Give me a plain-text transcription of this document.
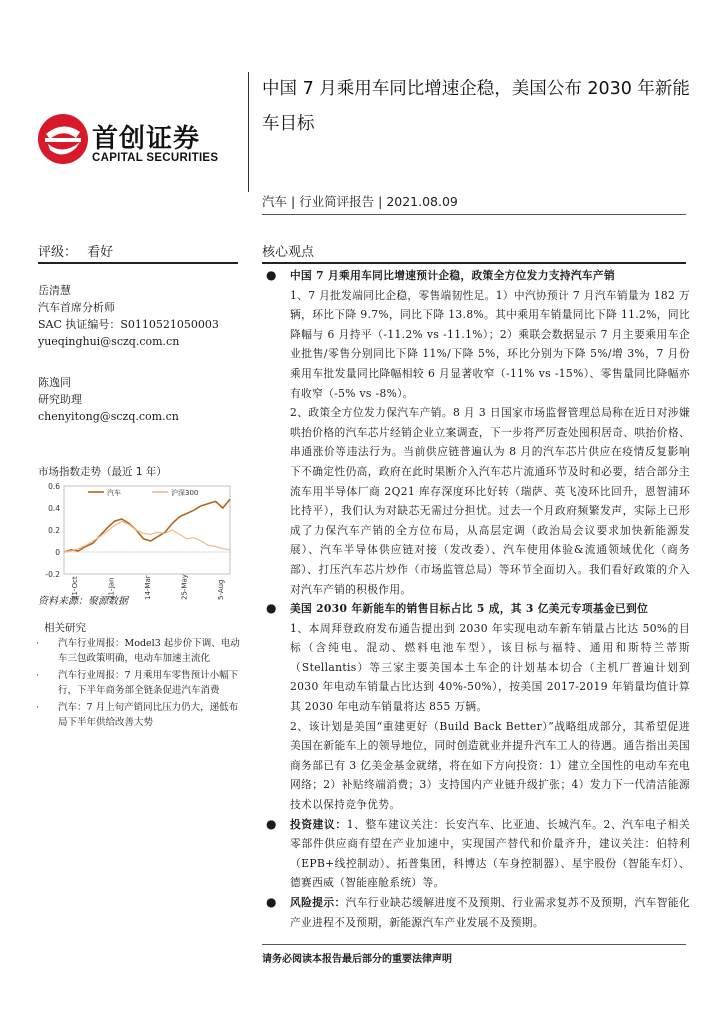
首创证券
CAPITAL SECURITIES
中国 7 月乘用车同比增速企稳，美国公布 2030 年新能车目标
汽车 | 行业简评报告 | 2021.08.09
评级： 看好
岳清慧
汽车首席分析师
SAC 执证编号：S0110521050003
yueqinghui@sczq.com.cn
陈逸同
研究助理
chenyitong@sczq.com.cn
市场指数走势（最近 1 年）
0.6
0.4
0.2
0
-0.2
21-Oct	21-Jan	14-Mar	25-May	5-Aug
汽车	沪深300
资料来源：聚源数据
相关研究
· 汽车行业周报：Model3 起步价下调、电动车三包政策明确，电动车加速主流化
· 汽车行业周报：7 月乘用车零售预计小幅下行，下半年商务部全链条促进汽车消费
· 汽车：7 月上旬产销同比压力仍大，递低布局下半年供给改善大势
核心观点
● 中国 7 月乘用车同比增速预计企稳，政策全方位发力支持汽车产销

1、7 月批发端同比企稳，零售端韧性足。1）中汽协预计 7 月汽车销量为 182 万辆，环比下降 9.7%，同比下降 13.8%。其中乘用车销量同比下降 11.2%，同比降幅与 6 月持平（-11.2% vs -11.1%）；2）乘联会数据显示 7 月主要乘用车企业批售/零售分别同比下降 11%/下降 5%，环比分别为下降 5%/增 3%，7 月份乘用车批发量同比降幅相较 6 月显著收窄（-11% vs -15%）、零售量同比降幅亦有收窄（-5% vs -8%）。

2、政策全方位发力保汽车产销。8 月 3 日国家市场监督管理总局称在近日对涉嫌哄抬价格的汽车芯片经销企业立案调查，下一步将严厉查处囤积居奇、哄抬价格、串通涨价等违法行为。当前供应链普遍认为 8 月的汽车芯片供应在疫情反复影响下不确定性仍高，政府在此时果断介入汽车芯片流通环节及时和必要，结合部分主流车用半导体厂商 2Q21 库存深度环比好转（瑞萨、英飞凌环比回升，恩智浦环比持平），我们认为对缺芯无需过分担忧。过去一个月政府频繁发声，实际上已形成了力保汽车产销的全方位布局，从高层定调（政治局会议要求加快新能源发展）、汽车半导体供应链对接（发改委）、汽车使用体验&流通领域优化（商务部）、打压汽车芯片炒作（市场监管总局）等环节全面切入。我们看好政策的介入对汽车产销的积极作用。

● 美国 2030 年新能车的销售目标占比 5 成，其 3 亿美元专项基金已到位

1、本周拜登政府发布通告提出到 2030 年实现电动车新车销量占比达 50%的目标（含纯电、混动、燃料电池车型），该目标与福特、通用和斯特兰蒂斯（Stellantis）等三家主要美国本土车企的计划基本切合（主机厂普遍计划到 2030 年电动车销量占比达到 40%-50%），按美国 2017-2019 年销量均值计算其 2030 年电动车销量将达 855 万辆。

2、该计划是美国“重建更好（Build Back Better）”战略组成部分，其希望促进美国在新能车上的领导地位，同时创造就业并提升汽车工人的待遇。通告指出美国商务部已有 3 亿美金基金就绪，将在如下方向投资：1）建立全国性的电动车充电网络；2）补贴终端消费；3）支持国内产业链升级扩张；4）发力下一代清洁能源技术以保持竞争优势。

● 投资建议：1、整车建议关注：长安汽车、比亚迪、长城汽车。2、汽车电子相关零部件供应商有望在产业加速中，实现国产替代和价量齐升，建议关注：伯特利（EPB+线控制动）、拓普集团，科博达（车身控制器）、星宇股份（智能车灯）、德赛西威（智能座舱系统）等。

● 风险提示：汽车行业缺芯缓解进度不及预期、行业需求复苏不及预期，汽车智能化产业进程不及预期，新能源汽车产业发展不及预期。

请务必阅读本报告最后部分的重要法律声明
